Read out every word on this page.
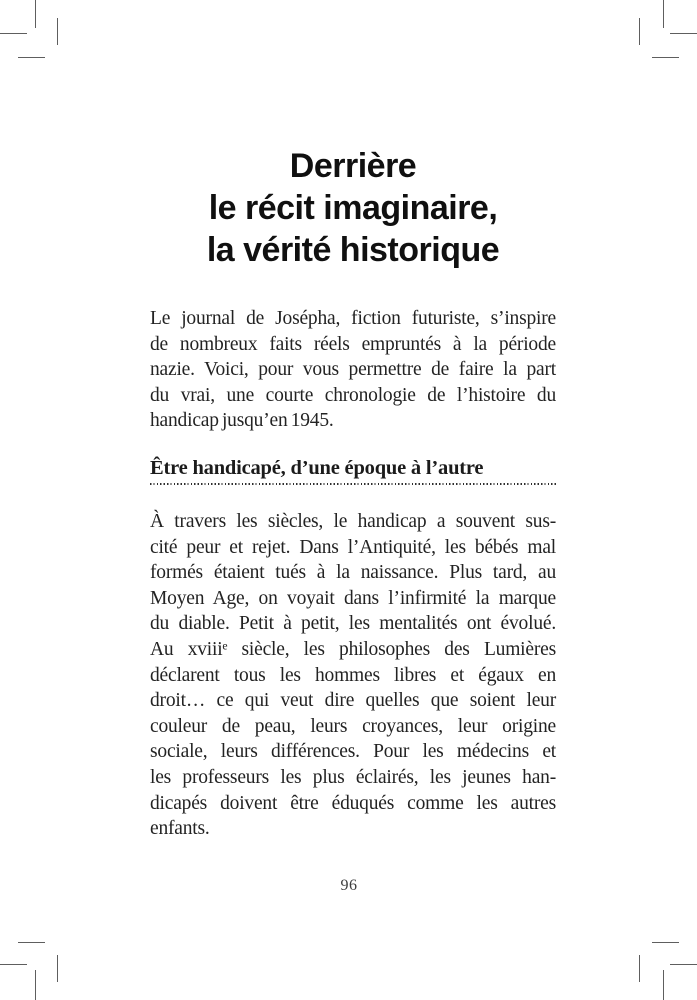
Derrière
le récit imaginaire,
la vérité historique
Le journal de Josépha, fiction futuriste, s’inspire
de nombreux faits réels empruntés à la période
nazie. Voici, pour vous permettre de faire la part
du vrai, une courte chronologie de l’histoire du
handicap jusqu’en 1945.
Être handicapé, d’une époque à l’autre
À travers les siècles, le handicap a souvent sus-
cité peur et rejet. Dans l’Antiquité, les bébés mal
formés étaient tués à la naissance. Plus tard, au
Moyen Age, on voyait dans l’infirmité la marque
du diable. Petit à petit, les mentalités ont évolué.
Au xviiiᵉ siècle, les philosophes des Lumières
déclarent tous les hommes libres et égaux en
droit… ce qui veut dire quelles que soient leur
couleur de peau, leurs croyances, leur origine
sociale, leurs différences. Pour les médecins et
les professeurs les plus éclairés, les jeunes han-
dicapés doivent être éduqués comme les autres
enfants.
96
